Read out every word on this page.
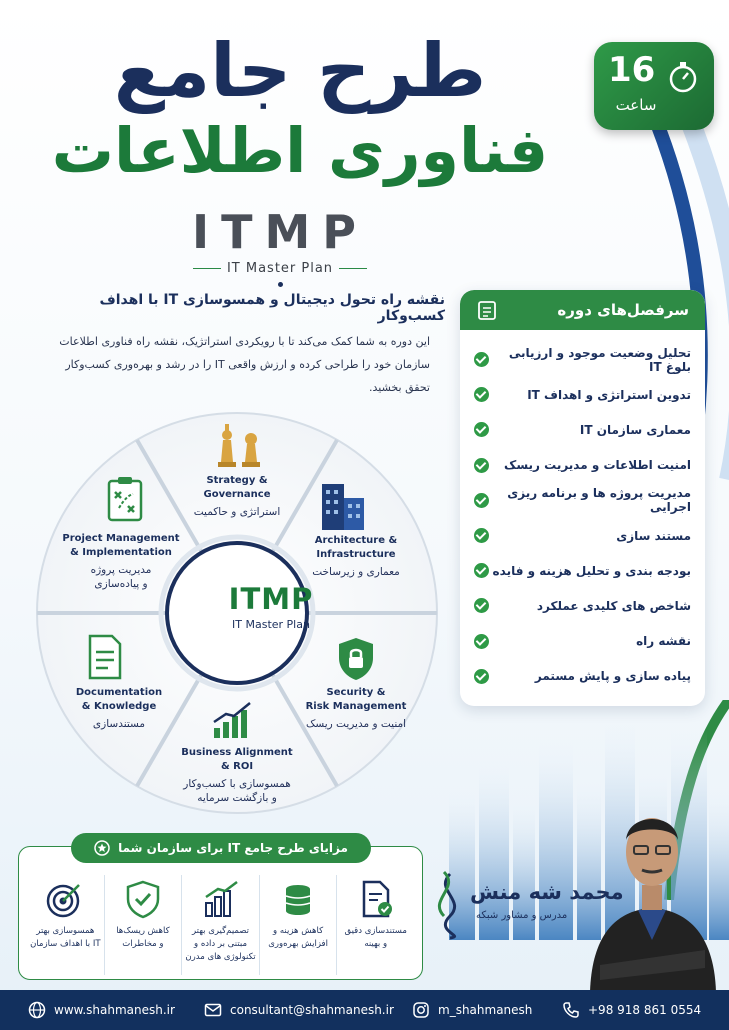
طرح جامع
فناوری اطلاعات
ITMP
IT Master Plan
16
ساعت
نقشه راه تحول دیجیتال و همسوسازی IT با اهداف کسب‌وکار
این دوره به شما کمک می‌کند تا با رویکردی استراتژیک، نقشه راه فناوری اطلاعات سازمان خود را طراحی کرده و ارزش واقعی IT را در رشد و بهره‌وری کسب‌وکار تحقق بخشید.
سرفصل‌های دوره
تحلیل وضعیت موجود و ارزیابی بلوغ IT
تدوین استراتژی و اهداف IT
معماری سازمان IT
امنیت اطلاعات و مدیریت ریسک
مدیریت پروژه ها و برنامه ریزی اجرایی
مستند سازی
بودجه بندی و تحلیل هزینه و فایده
شاخص های کلیدی عملکرد
نقشه راه
پیاده سازی و پایش مستمر
Strategy &
Governance
استراتژی و حاکمیت
Architecture &
Infrastructure
معماری و زیرساخت
Security &
Risk Management
امنیت و مدیریت ریسک
Business Alignment
& ROI
همسوسازی با کسب‌وکار
و بازگشت سرمایه
Documentation
& Knowledge
مستندسازی
Project Management
& Implementation
مدیریت پروژه
و پیاده‌سازی	ITMP
IT Master Plan
مزایای طرح جامع IT برای سازمان شما
مستندسازی دقیق
و بهینه
کاهش هزینه و
افزایش بهره‌وری
تصمیم‌گیری بهتر
مبتنی بر داده و
تکنولوژی های مدرن
کاهش ریسک‌ها
و مخاطرات
همسوسازی بهتر
IT با اهداف سازمان
محمد شه منش
مدرس و مشاور شبکه
www.shahmanesh.ir	consultant@shahmanesh.ir	m_shahmanesh	+98 918 861 0554
